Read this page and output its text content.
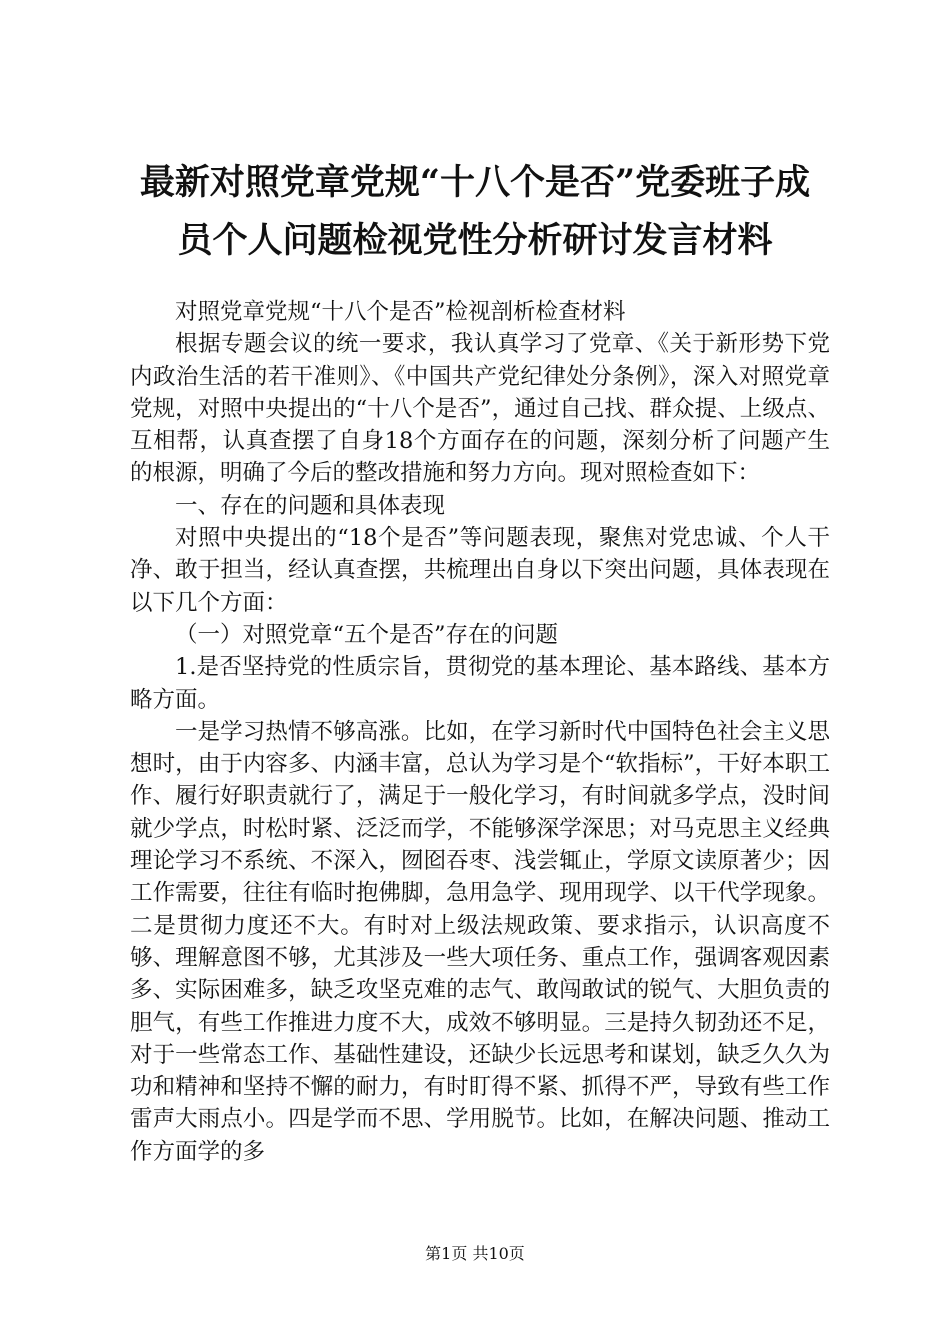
最新对照党章党规“十八个是否”党委班子成
员个人问题检视党性分析研讨发言材料

对照党章党规“十八个是否”检视剖析检查材料

根据专题会议的统一要求，我认真学习了党章、《关于新形势下党内政治生活的若干准则》、《中国共产党纪律处分条例》，深入对照党章党规，对照中央提出的“十八个是否”，通过自己找、群众提、上级点、互相帮，认真查摆了自身18个方面存在的问题，深刻分析了问题产生的根源，明确了今后的整改措施和努力方向。现对照检查如下：

一、存在的问题和具体表现

对照中央提出的“18个是否”等问题表现，聚焦对党忠诚、个人干净、敢于担当，经认真查摆，共梳理出自身以下突出问题，具体表现在以下几个方面：

（一）对照党章“五个是否”存在的问题

1.是否坚持党的性质宗旨，贯彻党的基本理论、基本路线、基本方略方面。

一是学习热情不够高涨。比如，在学习新时代中国特色社会主义思想时，由于内容多、内涵丰富，总认为学习是个“软指标”，干好本职工作、履行好职责就行了，满足于一般化学习，有时间就多学点，没时间就少学点，时松时紧、泛泛而学，不能够深学深思；对马克思主义经典理论学习不系统、不深入，囫囵吞枣、浅尝辄止，学原文读原著少；因工作需要，往往有临时抱佛脚，急用急学、现用现学、以干代学现象。二是贯彻力度还不大。有时对上级法规政策、要求指示，认识高度不够、理解意图不够，尤其涉及一些大项任务、重点工作，强调客观因素多、实际困难多，缺乏攻坚克难的志气、敢闯敢试的锐气、大胆负责的胆气，有些工作推进力度不大，成效不够明显。三是持久韧劲还不足，对于一些常态工作、基础性建设，还缺少长远思考和谋划，缺乏久久为功和精神和坚持不懈的耐力，有时盯得不紧、抓得不严，导致有些工作雷声大雨点小。四是学而不思、学用脱节。比如，在解决问题、推动工作方面学的多

第1页 共10页
